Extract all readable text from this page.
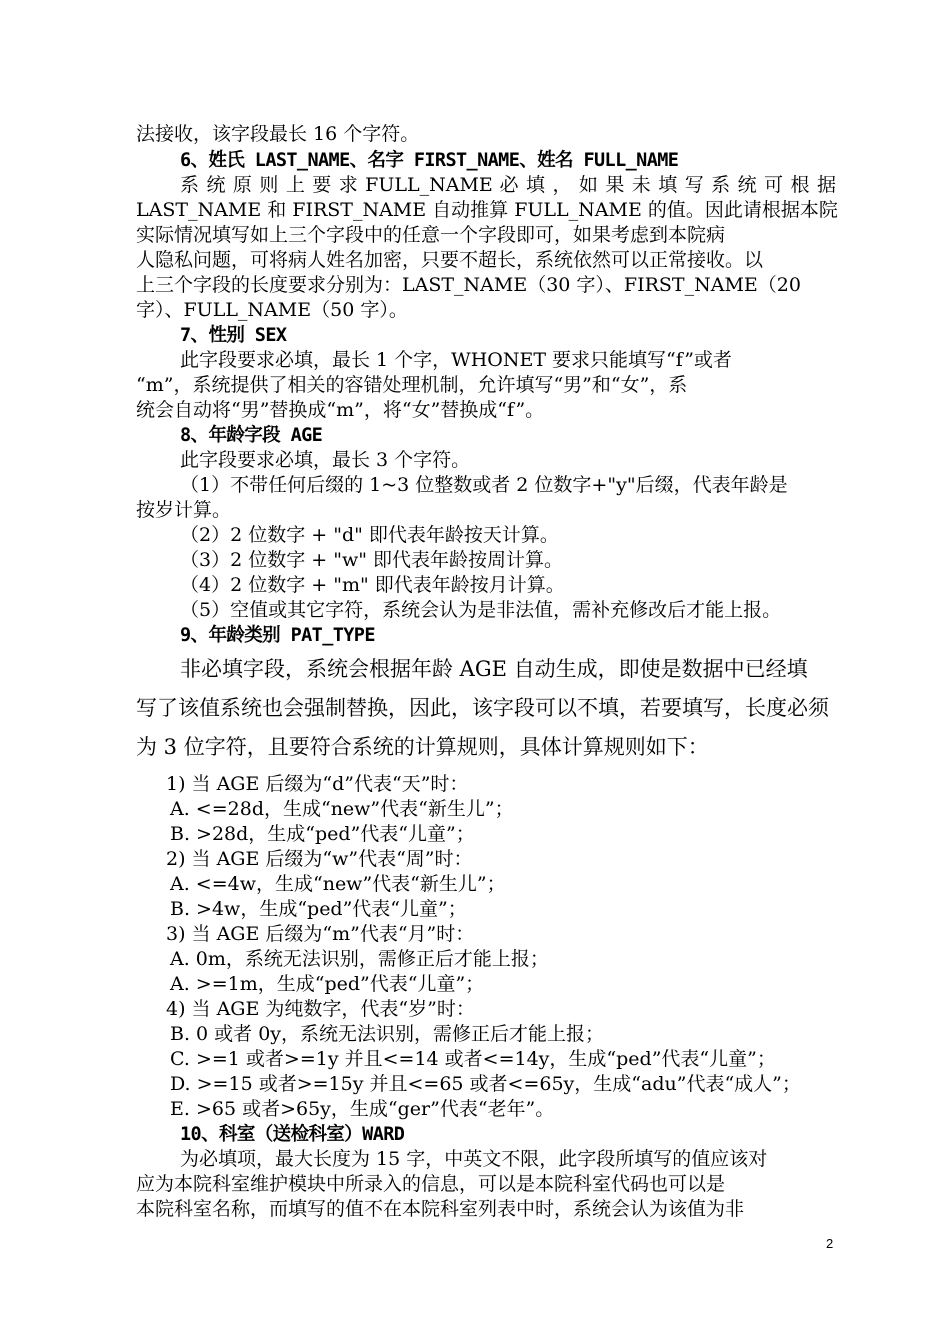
法接收，该字段最长 16 个字符。
6、姓氏 LAST_NAME、名字 FIRST_NAME、姓名 FULL_NAME
系 统 原 则 上 要 求 FULL_NAME 必 填 ， 如 果 未 填 写 系 统 可 根 据
LAST_NAME 和 FIRST_NAME 自动推算 FULL_NAME 的值。因此请根据本院
实际情况填写如上三个字段中的任意一个字段即可，如果考虑到本院病
人隐私问题，可将病人姓名加密，只要不超长，系统依然可以正常接收。以
上三个字段的长度要求分别为：LAST_NAME（30 字）、FIRST_NAME（20
字）、FULL_NAME（50 字）。
7、性别 SEX
此字段要求必填，最长 1 个字，WHONET 要求只能填写“f”或者
“m”，系统提供了相关的容错处理机制，允许填写“男”和“女”，系
统会自动将“男”替换成“m”，将“女”替换成“f”。
8、年龄字段 AGE
此字段要求必填，最长 3 个字符。
（1）不带任何后缀的 1~3 位整数或者 2 位数字+"y"后缀，代表年龄是
按岁计算。
（2）2 位数字 + "d" 即代表年龄按天计算。
（3）2 位数字 + "w" 即代表年龄按周计算。
（4）2 位数字 + "m" 即代表年龄按月计算。
（5）空值或其它字符，系统会认为是非法值，需补充修改后才能上报。
9、年龄类别 PAT_TYPE
非必填字段，系统会根据年龄 AGE 自动生成，即使是数据中已经填
写了该值系统也会强制替换，因此，该字段可以不填，若要填写，长度必须
为 3 位字符，且要符合系统的计算规则，具体计算规则如下：
1) 当 AGE 后缀为“d”代表“天”时：
A. <=28d，生成“new”代表“新生儿”；
B. >28d，生成“ped”代表“儿童”；
2) 当 AGE 后缀为“w”代表“周”时：
A. <=4w，生成“new”代表“新生儿”；
B. >4w，生成“ped”代表“儿童”；
3) 当 AGE 后缀为“m”代表“月”时：
A. 0m，系统无法识别，需修正后才能上报；
A. >=1m，生成“ped”代表“儿童”；
4) 当 AGE 为纯数字，代表“岁”时：
B. 0 或者 0y，系统无法识别，需修正后才能上报；
C. >=1 或者>=1y 并且<=14 或者<=14y，生成“ped”代表“儿童”；
D. >=15 或者>=15y 并且<=65 或者<=65y，生成“adu”代表“成人”；
E. >65 或者>65y，生成“ger”代表“老年”。
10、科室（送检科室）WARD
为必填项，最大长度为 15 字，中英文不限，此字段所填写的值应该对
应为本院科室维护模块中所录入的信息，可以是本院科室代码也可以是
本院科室名称，而填写的值不在本院科室列表中时，系统会认为该值为非
2
